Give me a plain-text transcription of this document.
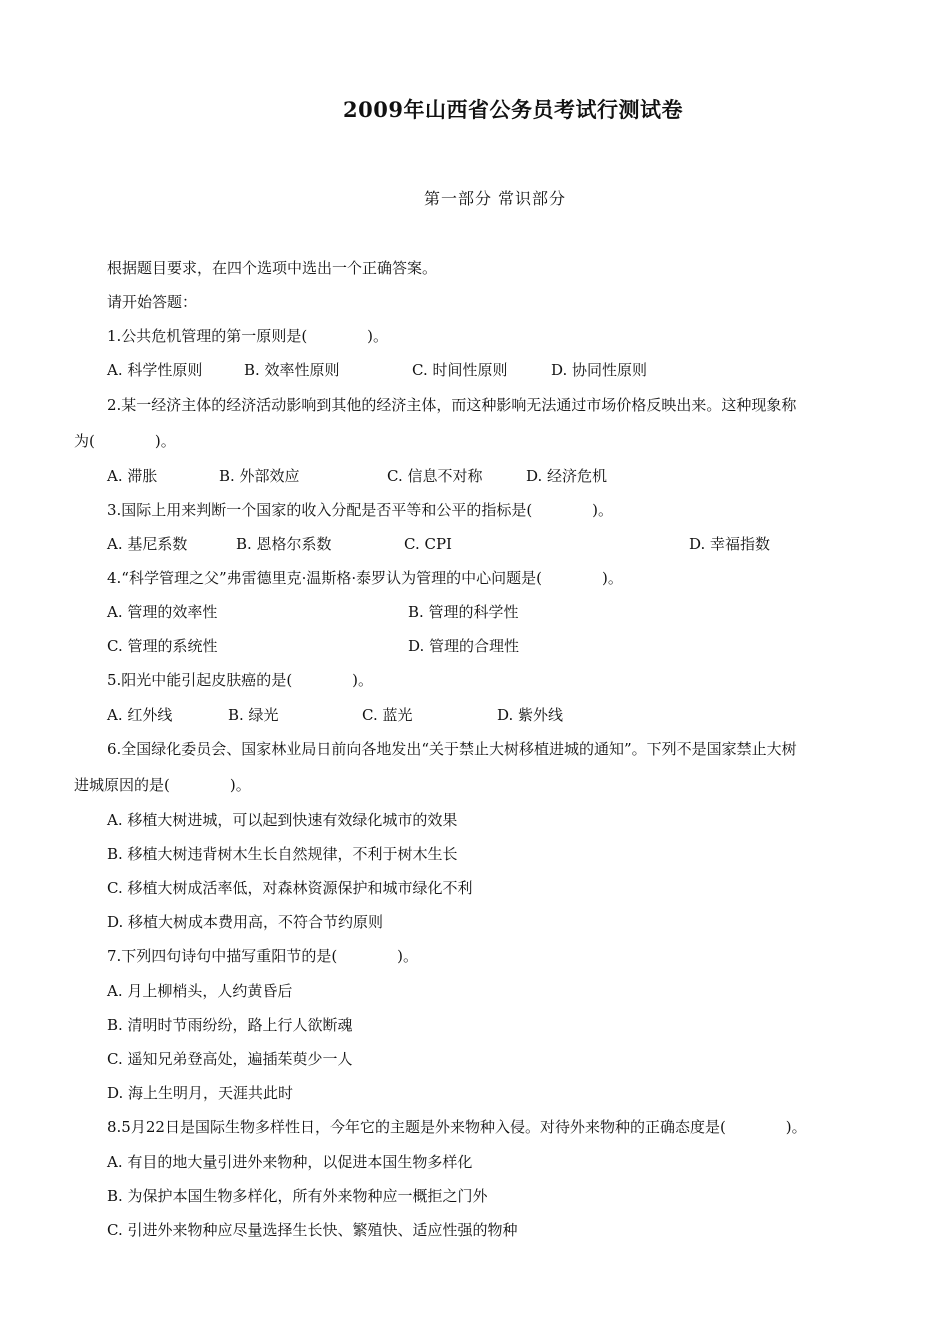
2009年山西省公务员考试行测试卷
第一部分 常识部分
根据题目要求，在四个选项中选出一个正确答案。
请开始答题：
1.公共危机管理的第一原则是(　　　　)。
A. 科学性原则	B. 效率性原则	C. 时间性原则	D. 协同性原则
2.某一经济主体的经济活动影响到其他的经济主体，而这种影响无法通过市场价格反映出来。这种现象称
为(　　　　)。
A. 滞胀	B. 外部效应	C. 信息不对称	D. 经济危机
3.国际上用来判断一个国家的收入分配是否平等和公平的指标是(　　　　)。
A. 基尼系数	B. 恩格尔系数	C. CPI	D. 幸福指数
4.“科学管理之父”弗雷德里克·温斯格·泰罗认为管理的中心问题是(　　　　)。
A. 管理的效率性	B. 管理的科学性
C. 管理的系统性	D. 管理的合理性
5.阳光中能引起皮肤癌的是(　　　　)。
A. 红外线	B. 绿光	C. 蓝光	D. 紫外线
6.全国绿化委员会、国家林业局日前向各地发出“关于禁止大树移植进城的通知”。下列不是国家禁止大树
进城原因的是(　　　　)。
A. 移植大树进城，可以起到快速有效绿化城市的效果
B. 移植大树违背树木生长自然规律，不利于树木生长
C. 移植大树成活率低，对森林资源保护和城市绿化不利
D. 移植大树成本费用高，不符合节约原则
7.下列四句诗句中描写重阳节的是(　　　　)。
A. 月上柳梢头，人约黄昏后
B. 清明时节雨纷纷，路上行人欲断魂
C. 遥知兄弟登高处，遍插茱萸少一人
D. 海上生明月，天涯共此时
8.5月22日是国际生物多样性日，今年它的主题是外来物种入侵。对待外来物种的正确态度是(　　　　)。
A. 有目的地大量引进外来物种，以促进本国生物多样化
B. 为保护本国生物多样化，所有外来物种应一概拒之门外
C. 引进外来物种应尽量选择生长快、繁殖快、适应性强的物种
